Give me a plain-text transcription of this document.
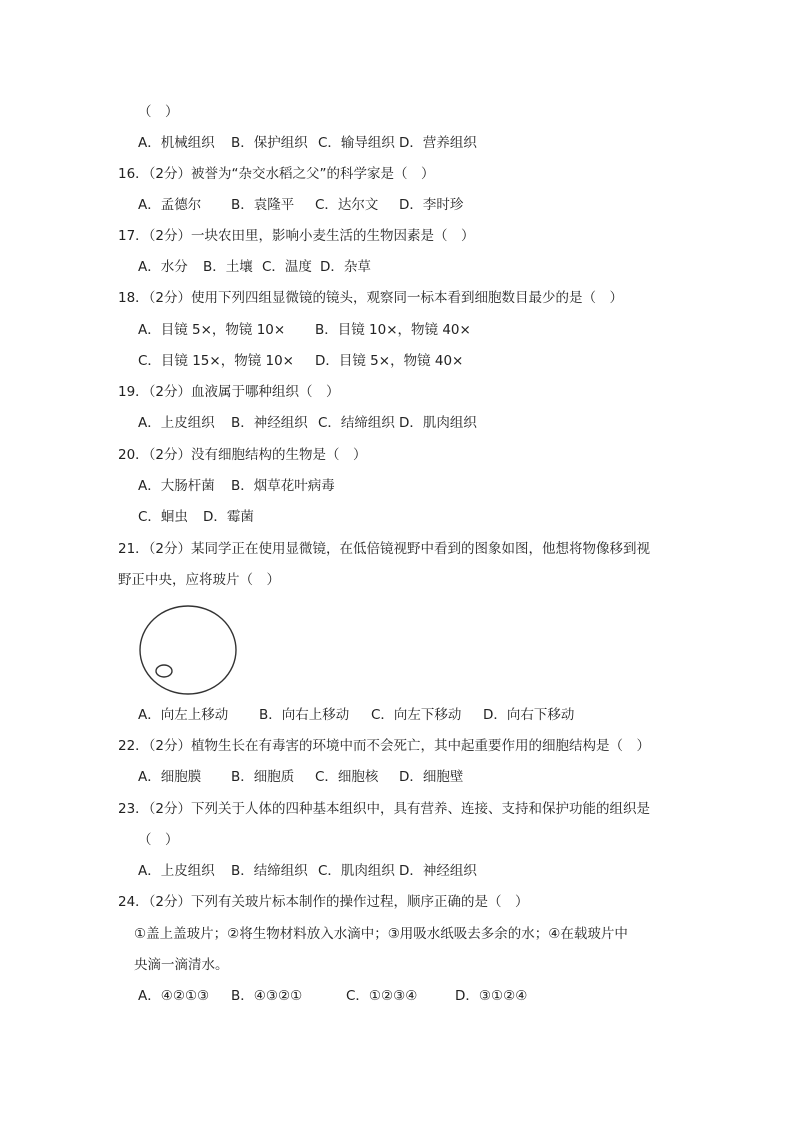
（　）
A．机械组织 B．保护组织 C．输导组织 D．营养组织
16．（2分）被誉为“杂交水稻之父”的科学家是（　）
A．孟德尔 B．袁隆平 C．达尔文 D．李时珍
17．（2分）一块农田里，影响小麦生活的生物因素是（　）
A．水分 B．土壤 C．温度 D．杂草
18．（2分）使用下列四组显微镜的镜头，观察同一标本看到细胞数目最少的是（　）
A．目镜 5×，物镜 10× B．目镜 10×，物镜 40×
C．目镜 15×，物镜 10× D．目镜 5×，物镜 40×
19．（2分）血液属于哪种组织（　）
A．上皮组织 B．神经组织 C．结缔组织 D．肌肉组织
20．（2分）没有细胞结构的生物是（　）
A．大肠杆菌 B．烟草花叶病毒
C．蛔虫 D．霉菌
21．（2分）某同学正在使用显微镜，在低倍镜视野中看到的图象如图，他想将物像移到视
野正中央，应将玻片（　）
A．向左上移动 B．向右上移动 C．向左下移动 D．向右下移动
22．（2分）植物生长在有毒害的环境中而不会死亡，其中起重要作用的细胞结构是（　）
A．细胞膜 B．细胞质 C．细胞核 D．细胞壁
23．（2分）下列关于人体的四种基本组织中，具有营养、连接、支持和保护功能的组织是
（　）
A．上皮组织 B．结缔组织 C．肌肉组织 D．神经组织
24．（2分）下列有关玻片标本制作的操作过程，顺序正确的是（　）
①盖上盖玻片；②将生物材料放入水滴中；③用吸水纸吸去多余的水；④在载玻片中
央滴一滴清水。
A．④②①③ B．④③②①	C．①②③④	D．③①②④
